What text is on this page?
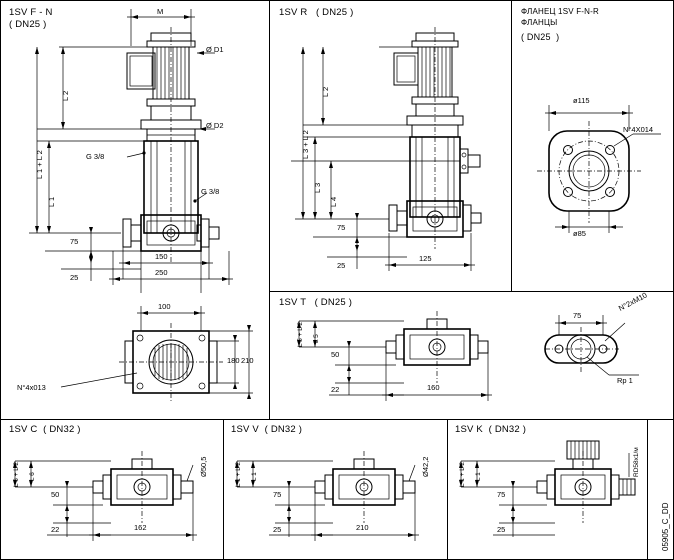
1SV F - N
( DN25 )
M
Ø D1
Ø D2
G 3/8
G 3/8
L 2
L 1 + L 2
L 1
75
25
150
250
100
180 210
N°4x013
1SV R   ( DN25 )
L 2
L 3 + L 2
L 3
L 4
75
25
125
ФЛАНЕЦ 1SV F-N-R
ФЛАНЦЫ
( DN25  )
ø115
N°4X014
ø85
1SV T   ( DN25 )
L 5 + L 2 L 5
50
22	160
75
N°2xM10
Rp 1
1SV C  ( DN32 )
L 6 + L 2 L 6
50
22	162
Ø50,5
1SV V  ( DN32 )
L 1 + L 2 L 1
75
25	210
Ø42,2
1SV K  ( DN32 )
L 1 + L 2 L 1
75
25
RD58x1/м
05905_C_DD
